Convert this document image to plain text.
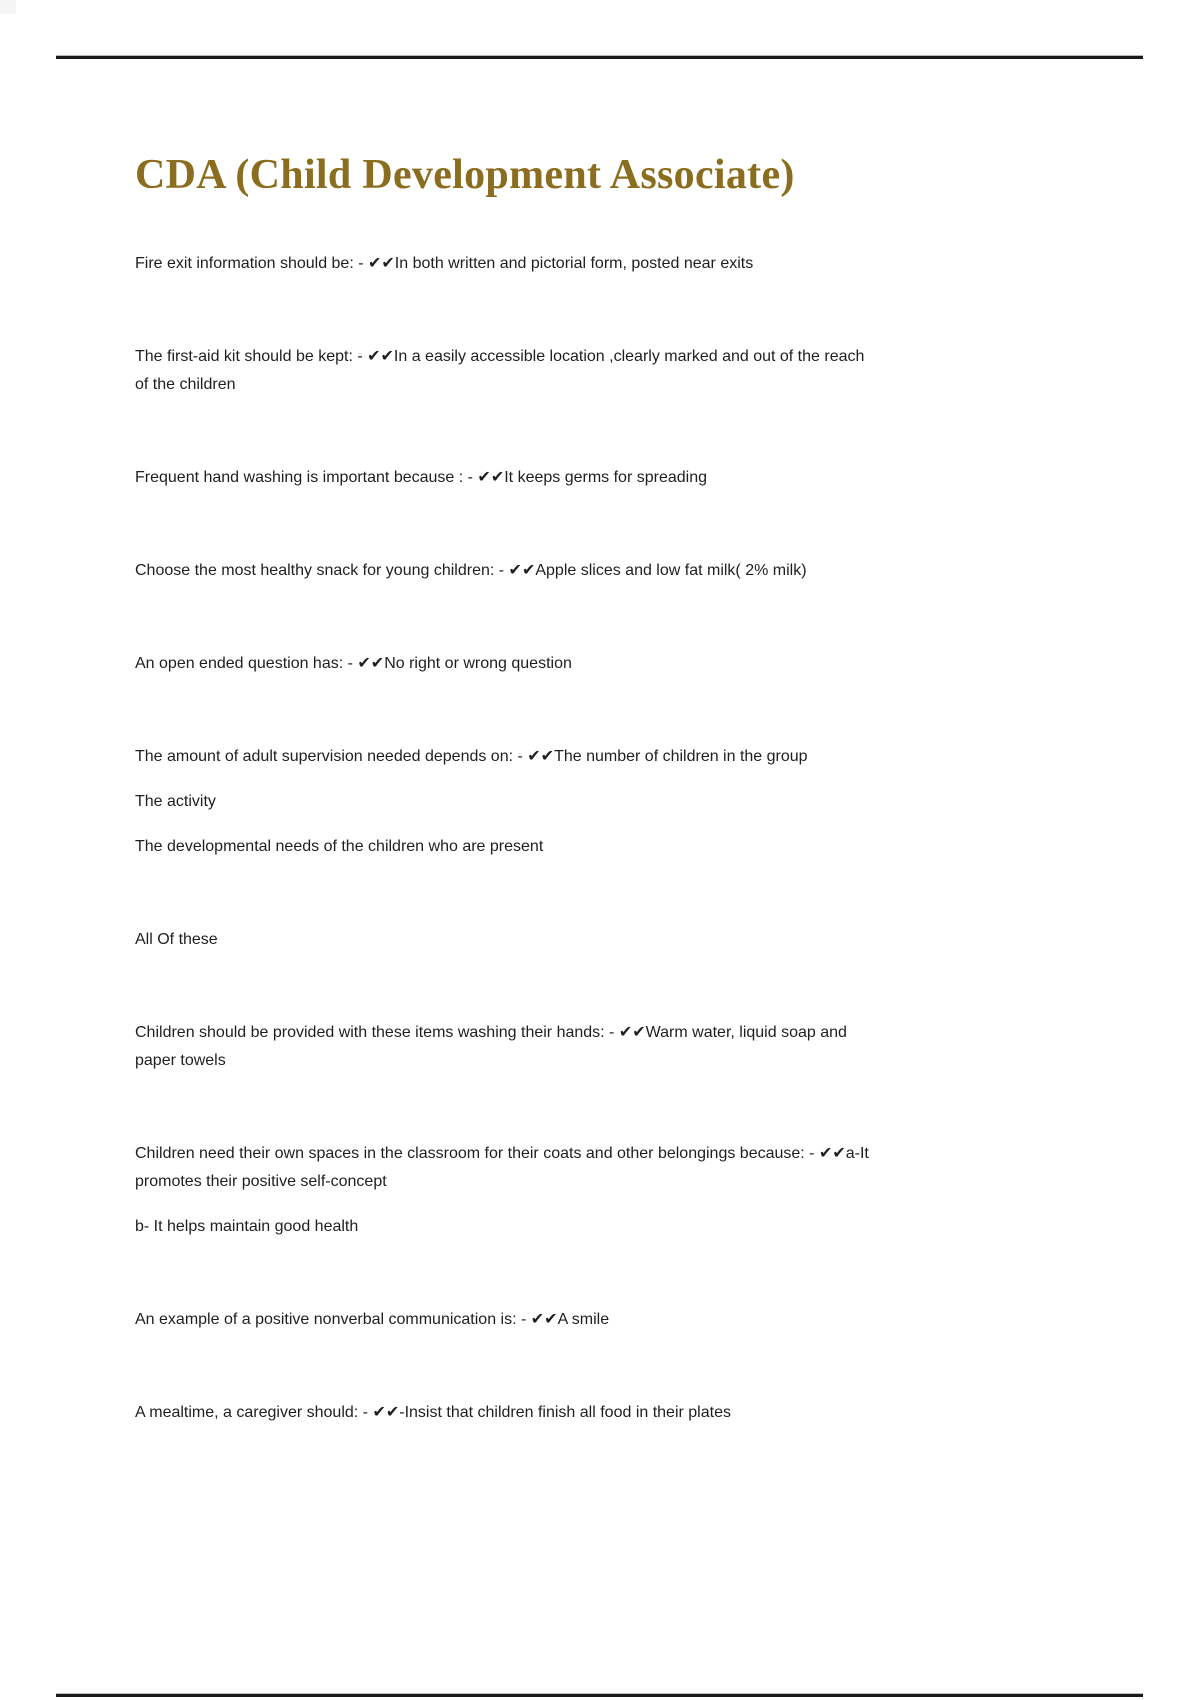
CDA (Child Development Associate)
Fire exit information should be: - ✔✔In both written and pictorial form, posted near exits
The first-aid kit should be kept: - ✔✔In a easily accessible location ,clearly marked and out of the reach
of the children
Frequent hand washing is important because : - ✔✔It keeps germs for spreading
Choose the most healthy snack for young children: - ✔✔Apple slices and low fat milk( 2% milk)
An open ended question has: - ✔✔No right or wrong question
The amount of adult supervision needed depends on: - ✔✔The number of children in the group
The activity
The developmental needs of the children who are present
All Of these
Children should be provided with these items washing their hands: - ✔✔Warm water, liquid soap and
paper towels
Children need their own spaces in the classroom for their coats and other belongings because: - ✔✔a-It
promotes their positive self-concept
b- It helps maintain good health
An example of a positive nonverbal communication is: - ✔✔A smile
A mealtime, a caregiver should: - ✔✔-Insist that children finish all food in their plates
